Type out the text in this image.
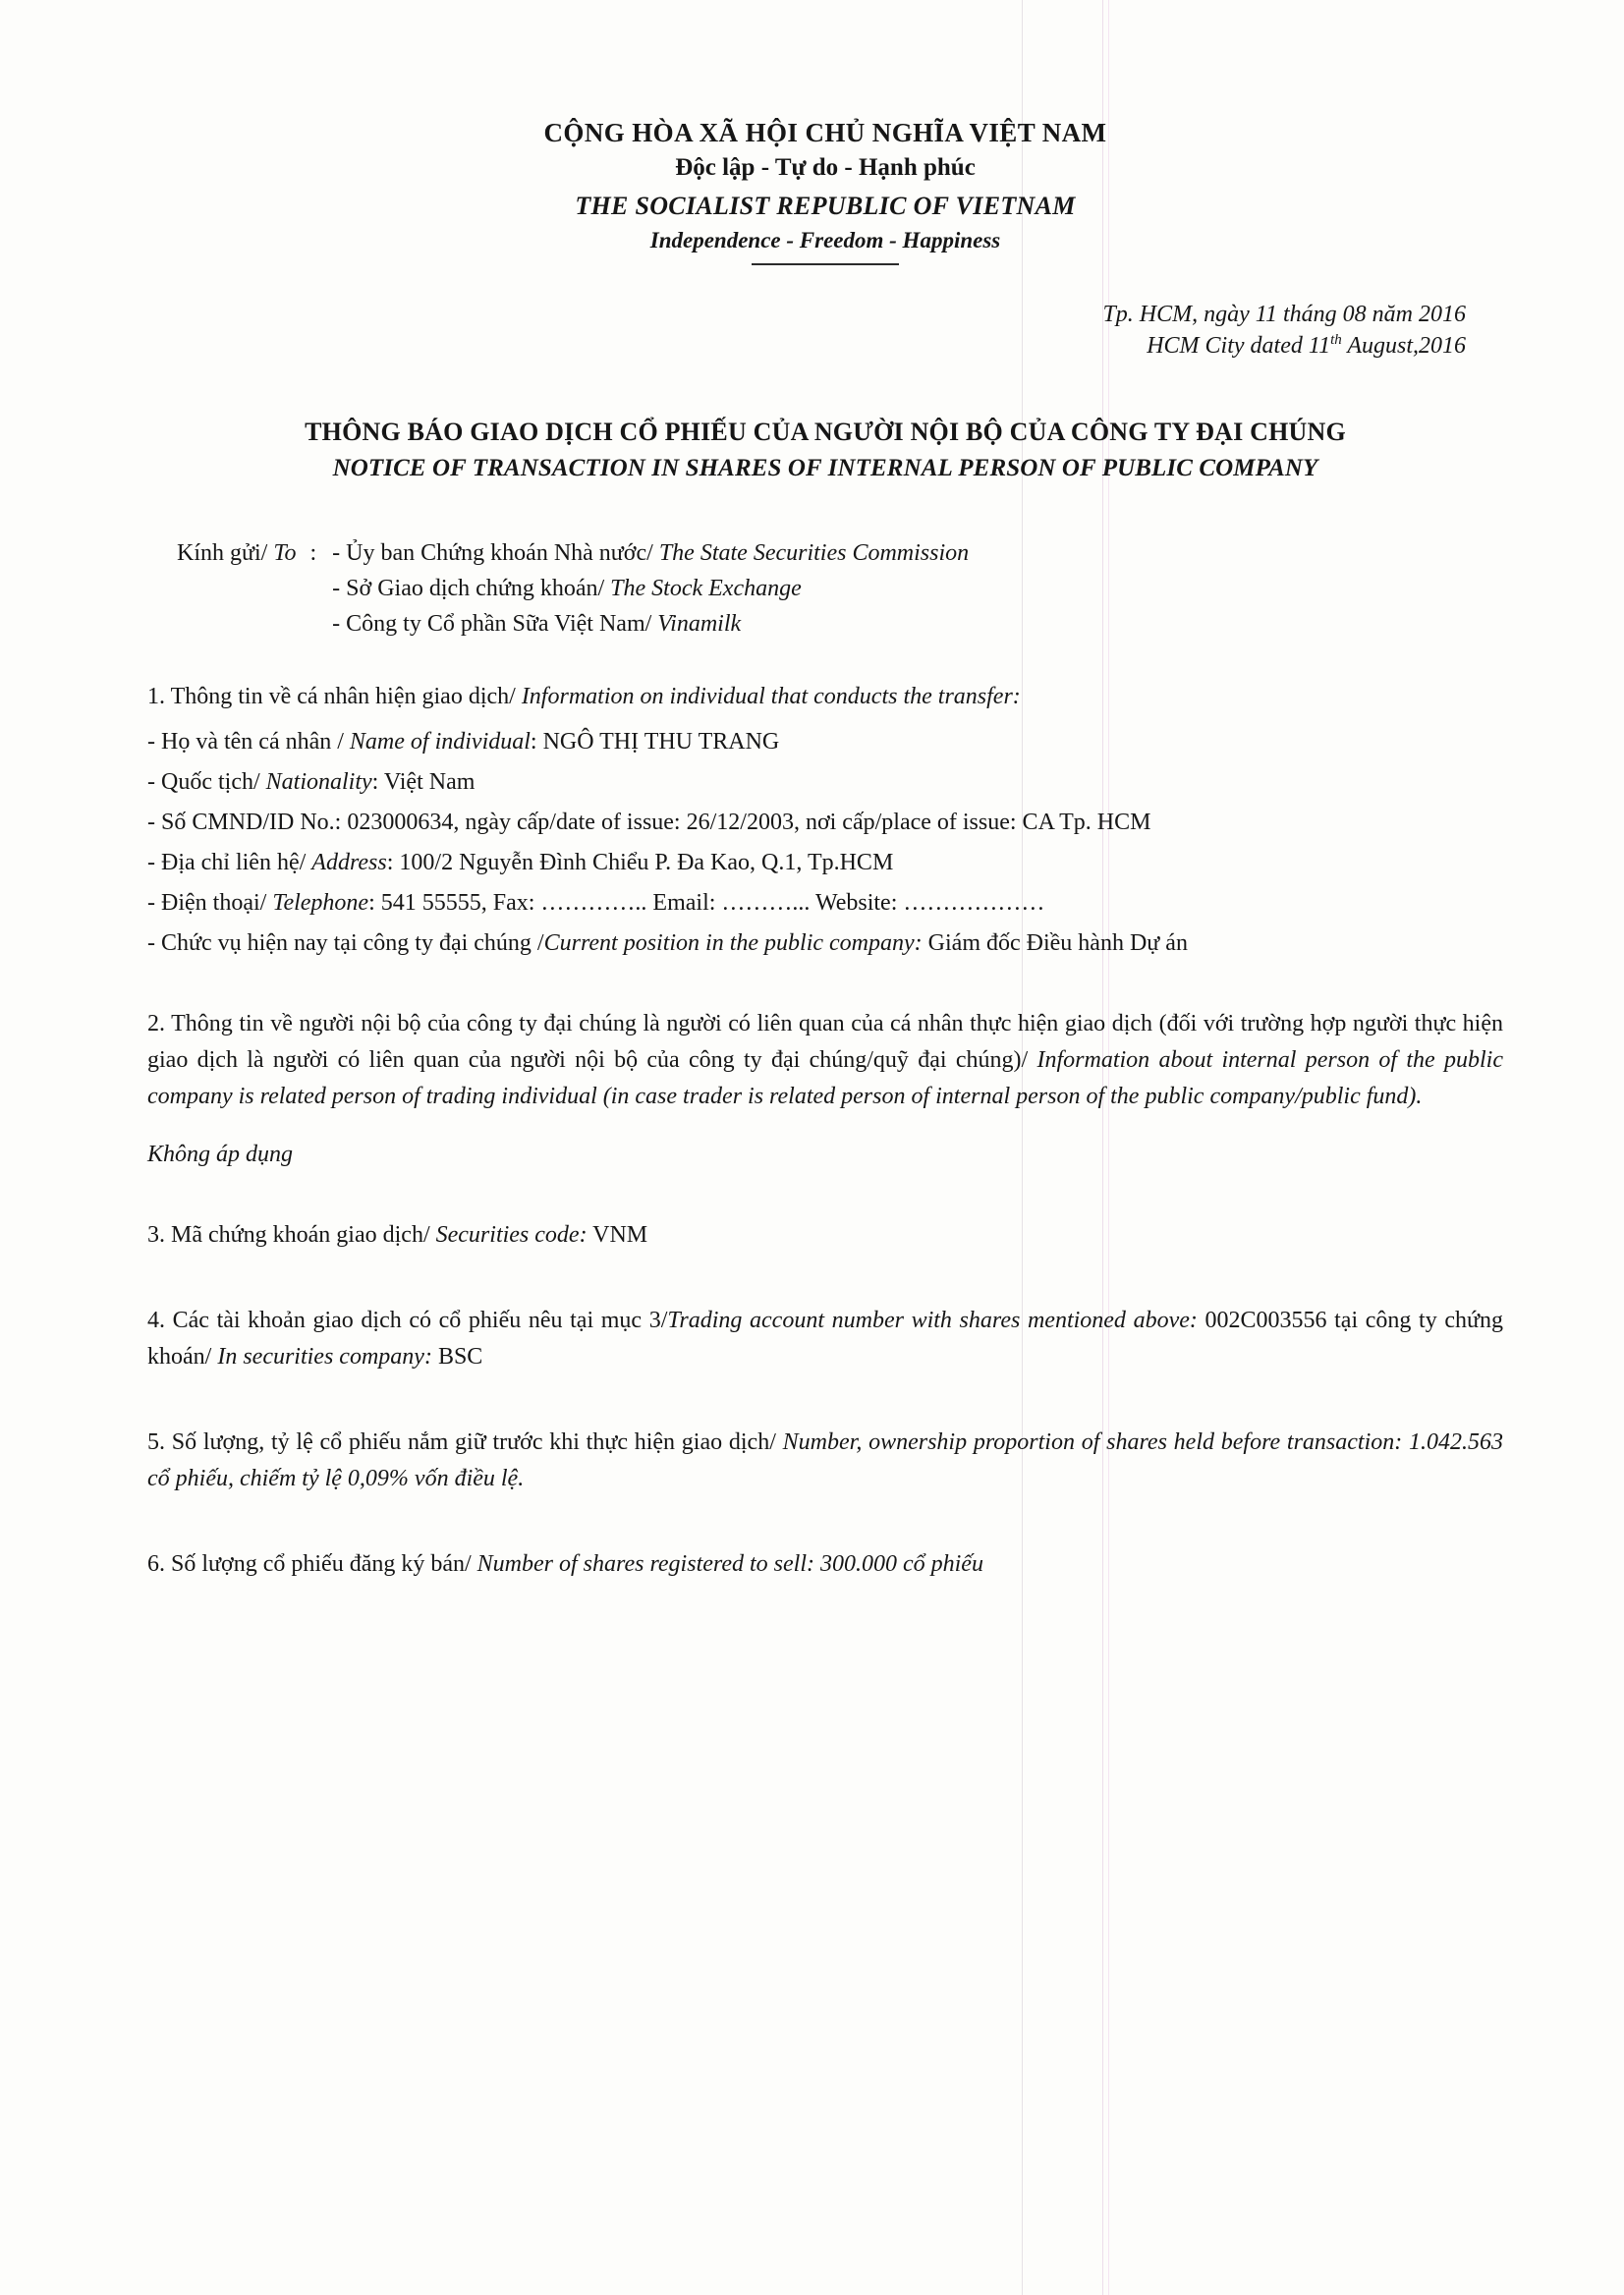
CỘNG HÒA XÃ HỘI CHỦ NGHĨA VIỆT NAM
Độc lập - Tự do - Hạnh phúc
THE SOCIALIST REPUBLIC OF VIETNAM
Independence - Freedom - Happiness
Tp. HCM, ngày 11 tháng 08 năm 2016
HCM City dated 11th August,2016
THÔNG BÁO GIAO DỊCH CỔ PHIẾU CỦA NGƯỜI NỘI BỘ CỦA CÔNG TY ĐẠI CHÚNG
NOTICE OF TRANSACTION IN SHARES OF INTERNAL PERSON OF PUBLIC COMPANY
Kính gửi/ To : - Ủy ban Chứng khoán Nhà nước/ The State Securities Commission
- Sở Giao dịch chứng khoán/ The Stock Exchange
- Công ty Cổ phần Sữa Việt Nam/ Vinamilk
1. Thông tin về cá nhân hiện giao dịch/ Information on individual that conducts the transfer:
- Họ và tên cá nhân / Name of individual: NGÔ THỊ THU TRANG
- Quốc tịch/ Nationality: Việt Nam
- Số CMND/ID No.: 023000634, ngày cấp/date of issue: 26/12/2003, nơi cấp/place of issue: CA Tp. HCM
- Địa chỉ liên hệ/ Address: 100/2 Nguyễn Đình Chiểu P. Đa Kao, Q.1, Tp.HCM
- Điện thoại/ Telephone: 541 55555, Fax: ………….. Email: ………... Website: ………………
- Chức vụ hiện nay tại công ty đại chúng /Current position in the public company: Giám đốc Điều hành Dự án
2. Thông tin về người nội bộ của công ty đại chúng là người có liên quan của cá nhân thực hiện giao dịch (đối với trường hợp người thực hiện giao dịch là người có liên quan của người nội bộ của công ty đại chúng/quỹ đại chúng)/ Information about internal person of the public company is related person of trading individual (in case trader is related person of internal person of the public company/public fund).
Không áp dụng
3. Mã chứng khoán giao dịch/ Securities code: VNM
4. Các tài khoản giao dịch có cổ phiếu nêu tại mục 3/Trading account number with shares mentioned above: 002C003556 tại công ty chứng khoán/ In securities company: BSC
5. Số lượng, tỷ lệ cổ phiếu nắm giữ trước khi thực hiện giao dịch/ Number, ownership proportion of shares held before transaction: 1.042.563 cổ phiếu, chiếm tỷ lệ 0,09% vốn điều lệ.
6. Số lượng cổ phiếu đăng ký bán/ Number of shares registered to sell: 300.000 cổ phiếu
